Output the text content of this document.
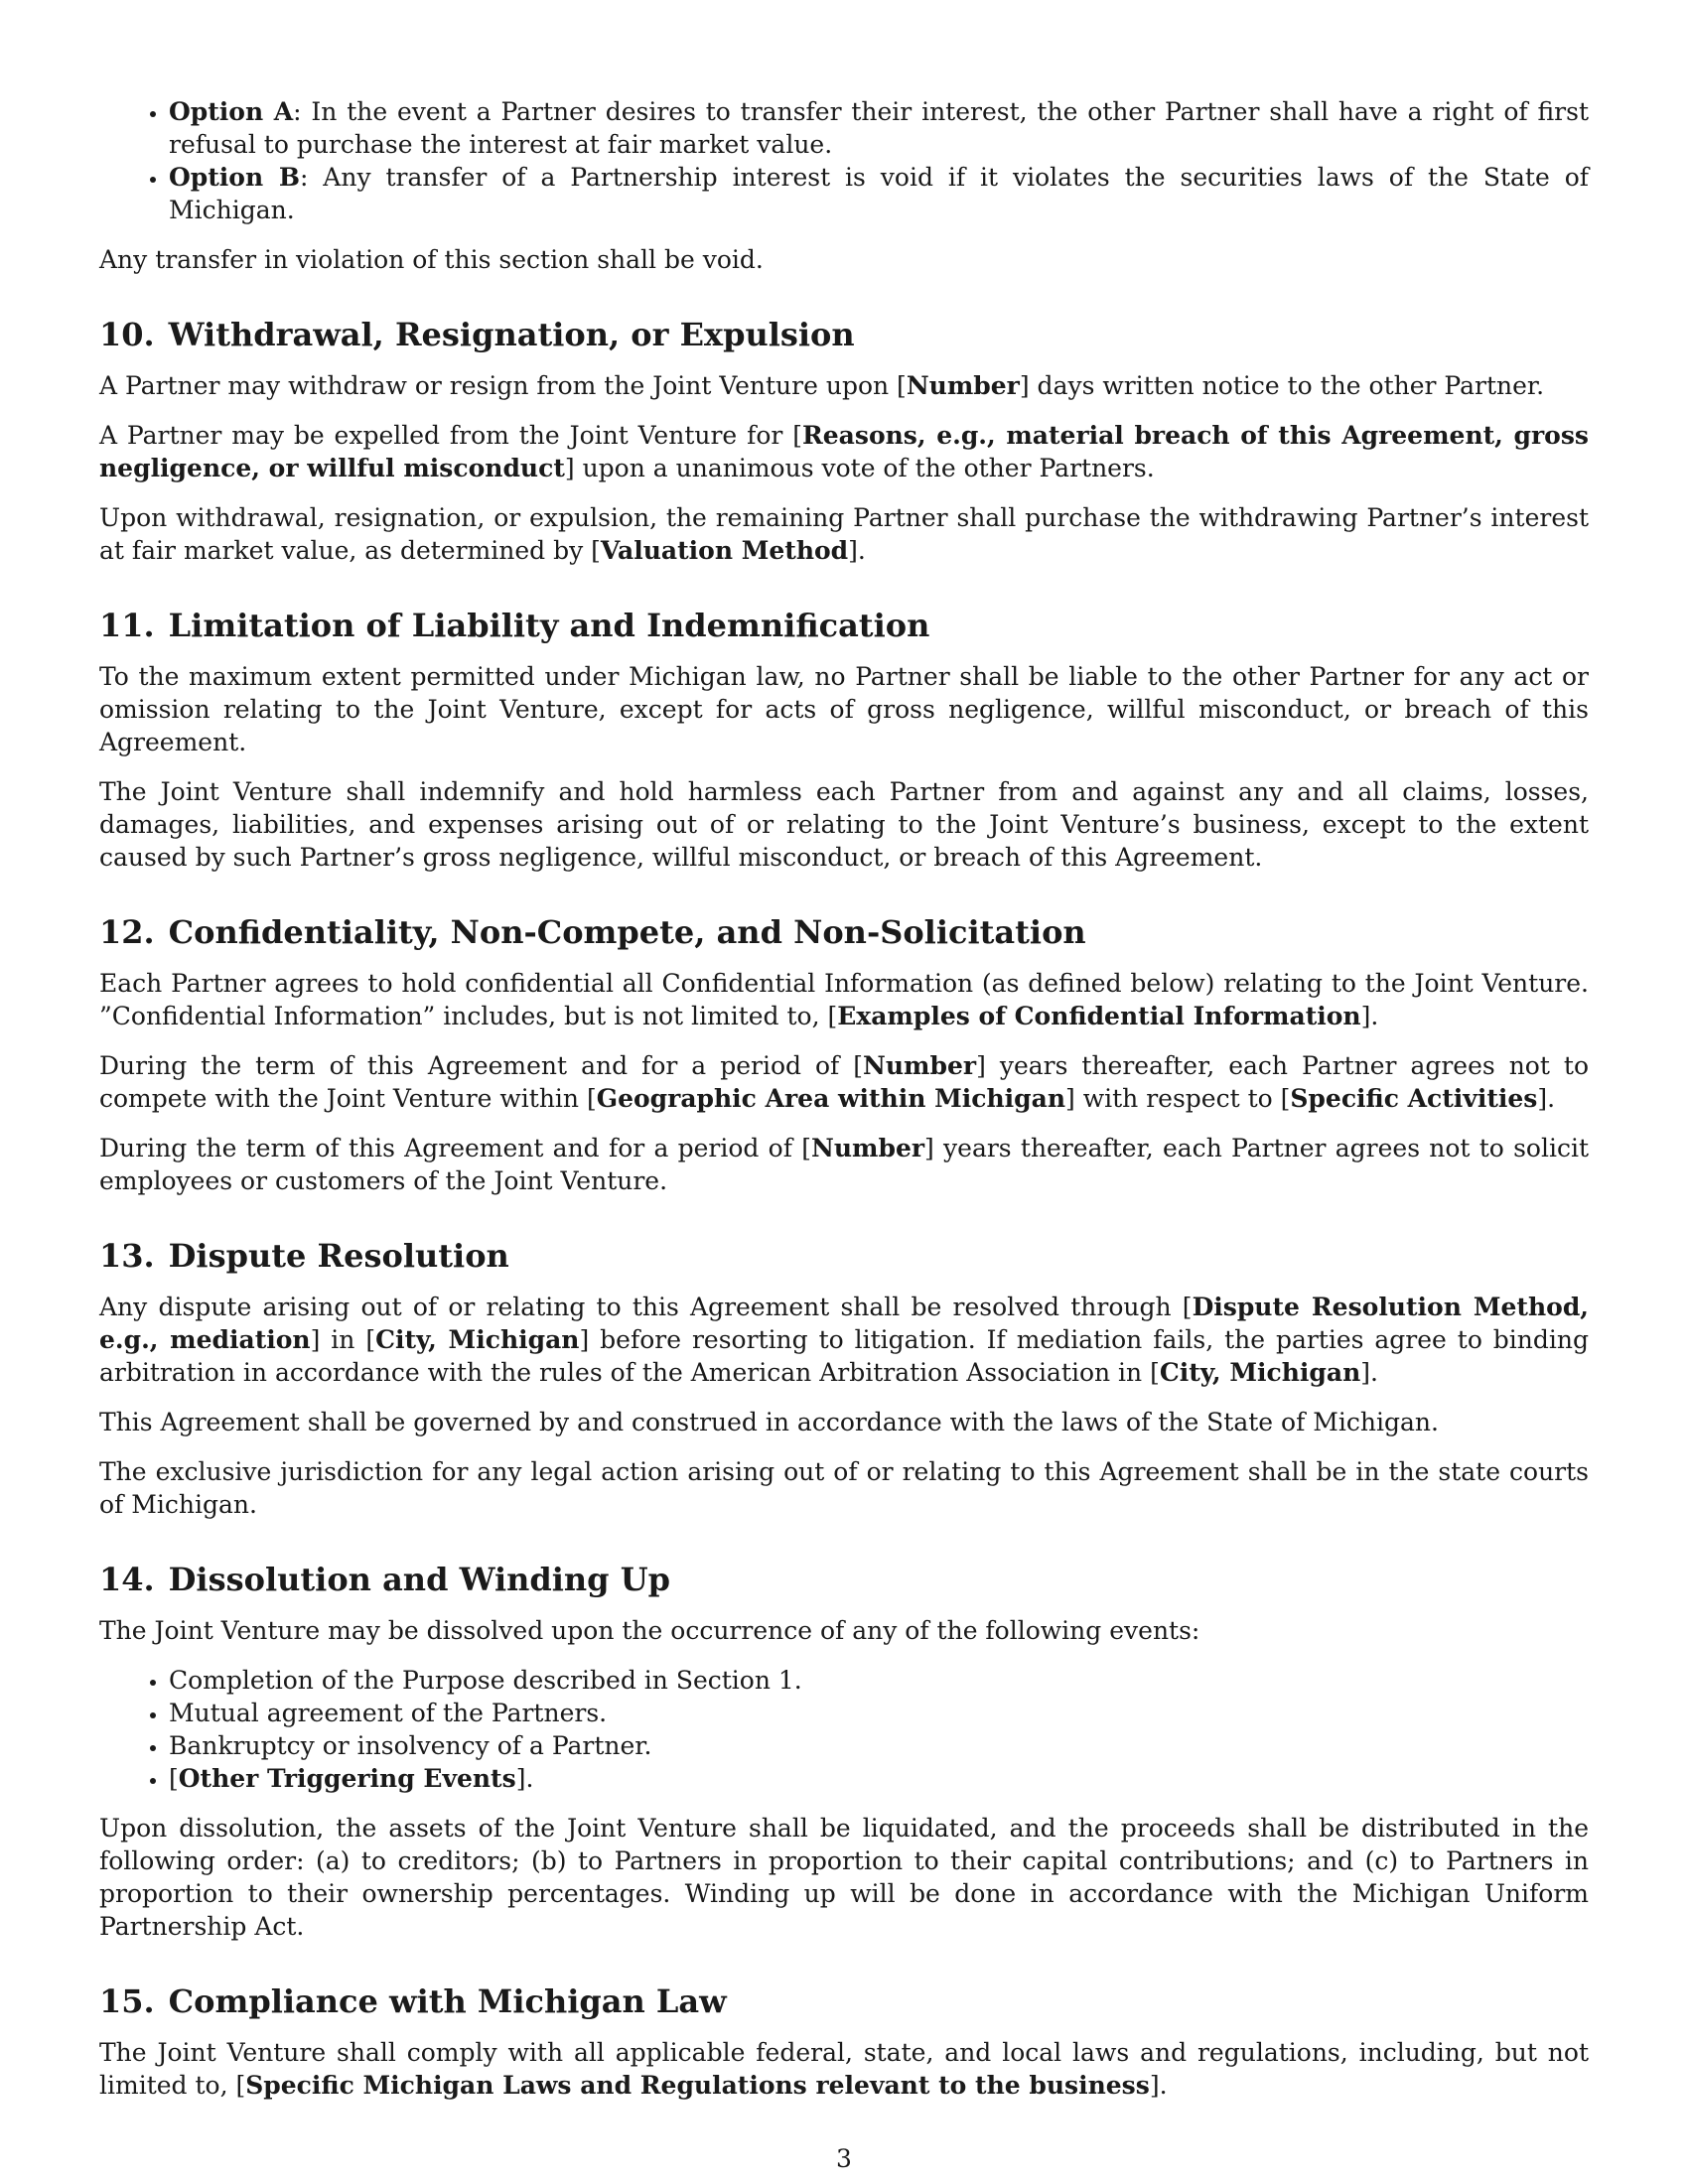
• Option A: In the event a Partner desires to transfer their interest, the other Partner shall have a right of first refusal to purchase the interest at fair market value.
• Option B: Any transfer of a Partnership interest is void if it violates the securities laws of the State of Michigan.

Any transfer in violation of this section shall be void.

10. Withdrawal, Resignation, or Expulsion

A Partner may withdraw or resign from the Joint Venture upon [Number] days written notice to the other Partner.

A Partner may be expelled from the Joint Venture for [Reasons, e.g., material breach of this Agreement, gross negligence, or willful misconduct] upon a unanimous vote of the other Partners.

Upon withdrawal, resignation, or expulsion, the remaining Partner shall purchase the withdrawing Partner’s interest at fair market value, as determined by [Valuation Method].

11. Limitation of Liability and Indemnification

To the maximum extent permitted under Michigan law, no Partner shall be liable to the other Partner for any act or omission relating to the Joint Venture, except for acts of gross negligence, willful misconduct, or breach of this Agreement.

The Joint Venture shall indemnify and hold harmless each Partner from and against any and all claims, losses, damages, liabilities, and expenses arising out of or relating to the Joint Venture’s business, except to the extent caused by such Partner’s gross negligence, willful misconduct, or breach of this Agreement.

12. Confidentiality, Non-Compete, and Non-Solicitation

Each Partner agrees to hold confidential all Confidential Information (as defined below) relating to the Joint Venture. ”Confidential Information” includes, but is not limited to, [Examples of Confidential Information].

During the term of this Agreement and for a period of [Number] years thereafter, each Partner agrees not to compete with the Joint Venture within [Geographic Area within Michigan] with respect to [Specific Activities].

During the term of this Agreement and for a period of [Number] years thereafter, each Partner agrees not to solicit employees or customers of the Joint Venture.

13. Dispute Resolution

Any dispute arising out of or relating to this Agreement shall be resolved through [Dispute Resolution Method, e.g., mediation] in [City, Michigan] before resorting to litigation. If mediation fails, the parties agree to binding arbitration in accordance with the rules of the American Arbitration Association in [City, Michigan].

This Agreement shall be governed by and construed in accordance with the laws of the State of Michigan.

The exclusive jurisdiction for any legal action arising out of or relating to this Agreement shall be in the state courts of Michigan.

14. Dissolution and Winding Up

The Joint Venture may be dissolved upon the occurrence of any of the following events:

• Completion of the Purpose described in Section 1.
• Mutual agreement of the Partners.
• Bankruptcy or insolvency of a Partner.
• [Other Triggering Events].

Upon dissolution, the assets of the Joint Venture shall be liquidated, and the proceeds shall be distributed in the following order: (a) to creditors; (b) to Partners in proportion to their capital contributions; and (c) to Partners in proportion to their ownership percentages. Winding up will be done in accordance with the Michigan Uniform Partnership Act.

15. Compliance with Michigan Law

The Joint Venture shall comply with all applicable federal, state, and local laws and regulations, including, but not limited to, [Specific Michigan Laws and Regulations relevant to the business].

3
